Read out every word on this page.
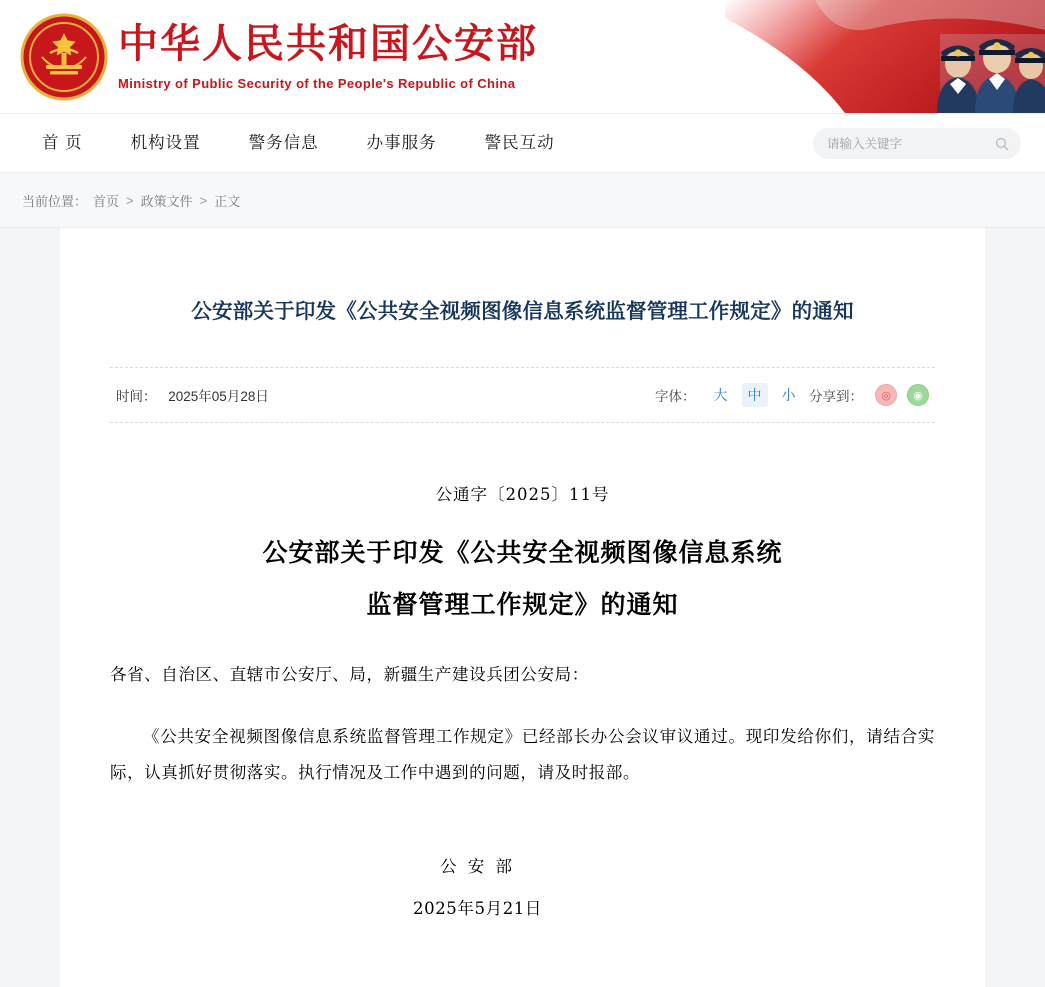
中华人民共和国公安部
Ministry of Public Security of the People's Republic of China
首 页	机构设置	警务信息	办事服务	警民互动
请输入关键字
当前位置： 首页 > 政策文件 > 正文
公安部关于印发《公共安全视频图像信息系统监督管理工作规定》的通知
时间： 2025年05月28日	字体：	大	中	小	分享到：	◎	◉
公通字〔2025〕11号
公安部关于印发《公共安全视频图像信息系统
监督管理工作规定》的通知

各省、自治区、直辖市公安厅、局，新疆生产建设兵团公安局：

《公共安全视频图像信息系统监督管理工作规定》已经部长办公会议审议通过。现印发给你们，请结合实际，认真抓好贯彻落实。执行情况及工作中遇到的问题，请及时报部。

公 安 部
2025年5月21日
